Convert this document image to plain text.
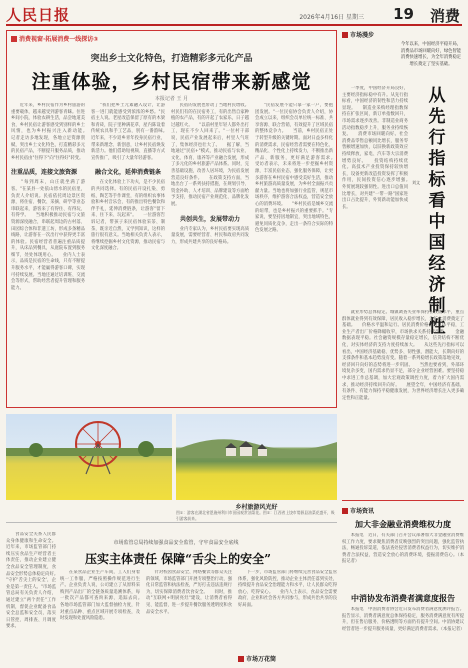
人民日报	2026年4月16日 星期三 19 消费
消费视窗·拓展消费一线探访③
突出乡土文化特色，打造精彩多元化产品
注重体验，乡村民宿带来新感觉
本报记者 王 月
　　近年来，乡村民宿作为乡村旅游的重要载体，越来越受到游客青睐。住进乡间小院，体验农耕生活，品尝地道美食，乡村民宿让游客感受到别样的乡土风情，也为乡村振兴注入新动能。　　记者走访多地发现，各地立足资源禀赋，突出乡土文化特色，打造精彩多元的民宿产品，不断提升服务品质，推动乡村民宿由"住得下"向"住得好"转变。
注重品质，连接文旅资源
　　"每到周末，山庄就坐满了游客。"在某县一处依山傍水的民宿里，负责人介绍说。民宿依托周边景区资源，将住宿、餐饮、采摘、研学等业态串联起来，游客来了有得住、有得玩、有得学。　　当地积极推动民宿与文旅资源深度融合，串联起周边的古村落、田园综合体和非遗工坊，形成多条精品线路，让游客在一次出行中获得更丰富的体验。民宿经营者普遍注重品质提升，从床品到餐具，从庭院布置到服务细节，处处体现用心。　　业内人士表示，品质是民宿的生命线，只有不断提升服务水平，才能赢得游客口碑，实现可持续发展。当地还通过培训班、交流会等形式，帮助经营者提升管理和服务能力。
　　"我们把乡土元素融入设计，让游客一进门就能感受到浓浓的乡愁。"民宿主人说。老屋改造保留了原有的木梁和青砖，院子里种满花草，屋内陈设着传统农具和手工艺品，别有一番韵味。　　近年来，不少返乡青年投身民宿行业，带来新理念、新创意，让乡村民宿焕发新活力。他们借助短视频、直播等方式宣传推广，吸引了大量年轻游客。
融合文化，延伸消费链条
　　在文化体验上下功夫，是不少民宿的共同选择。有的民宿开设扎染、剪纸、陶艺等手作课堂，有的组织农事体验和乡村音乐会，有的推出特色餐饮和伴手礼，延伸消费链条，让游客"留下来、住下来、玩起来"。　　一位游客告诉记者，带孩子来民宿体验采茶、制茶，既亲近自然，又学到知识，这样的旅行很有意义。当地相关负责人表示，将继续挖掘乡村文化资源，推动民宿与文化深度融合。
　　民宿的发展也带动了当地村民增收。村民们有的在民宿务工，有的出售自家种植的农产品，有的开起了农家乐，日子越过越红火。　　"以前村里年轻人都外出打工，现在不少人回来了。"一位村干部说，民宿产业发展起来后，村里人气旺了，集体经济也壮大了。　　据了解，当地通过"民宿+"模式，推动民宿与农业、文化、体育、康养等产业融合发展，形成了多元化的乡村旅游产品体系。同时，完善基础设施，改善人居环境，为民宿发展营造良好条件。　　在政策支持方面，当地出台了一系列扶持措施，在规划引导、资金补助、人才培训、品牌建设等方面给予支持，推动民宿产业规范化、品牌化发展。
共创共生，发展带动力
　　业内专家认为，乡村民宿要实现高质量发展，需要经营者、村民和政府共同发力，形成共建共享的良好格局。
　　"民宿发展不能只靠一家一户，要抱团发展。"一位民宿协会负责人介绍，协会成立以来，组织会员单位统一标准、共享客源、联合营销，有效提升了区域民宿的整体竞争力。　　当前，乡村民宿正处于转型升级的关键时期。面对日益多样化的消费需求，民宿经营者需要在特色化、精品化、个性化上持续发力，不断推出新产品、新服务，更好满足游客需求。　　受访者表示，未来将进一步挖掘乡村资源，丰富民宿业态，强化服务保障，让更多游客在乡村民宿中感受美好生活，推动乡村旅游高质量发展，为乡村全面振兴贡献力量。当地也将加强行业监管，规范市场秩序，维护游客合法权益，营造安全放心的消费环境。　　"乡村民宿是城乡交流的纽带，也是乡村振兴的重要抓手。"专家说，要坚持因地制宜，突出地域特色，避免同质化竞争，走出一条符合实际的特色发展之路。
市场漫步
今年以来，中国经济平稳开局，消费品市场回暖向好，绿色智能消费快速增长，为全年消费稳定增长奠定了坚实基础。
从先行指标看中国经济制性
刘文
　　一季度，中国经济开局良好，主要经济指标稳中有升。从先行指标看，中国经济的韧性和活力持续显现。　　制造业采购经理指数保持在扩张区间，新订单指数回升，市场需求逐步改善。非制造业商务活动指数稳步上升，服务业持续恢复。　　消费市场回暖向好。社会消费品零售总额同比增长，服务零售额增速加快，以旧换新政策效应持续释放，家电、汽车等大宗消费增势良好。　　投资结构持续优化。高技术产业投资保持较快增长，设备更新改造投资发挥了积极作用，民间投资信心逐步增强。　　外贸展现较强韧性。进出口总值同比增长，对共建"一带一路"国家进出口占比提升，外贸新动能加快成长。
　　就业形势总体稳定。城镇调查失业率保持在较低水平，重点群体就业得到有效保障，居民收入稳步增长，为扩大消费奠定了基础。　　价格水平温和运行。居民消费价格指数总体平稳，工业生产者出厂价格降幅收窄，市场供求关系持续改善。　　金融数据表现平稳。社会融资规模存量稳定增长，信贷结构不断优化，对实体经济的支持力度持续加大。　　从这些先行指标可以看出，中国经济基础稳、优势多、韧性强、潜能大，长期向好的支撑条件和基本趋势没有变。随着一系列稳增长政策落地见效，经济回升向好的态势将进一步巩固。　　当然也要看到，外部环境复杂多变，国内需求仍显不足，部分企业经营困难。要坚持稳中求进工作总基调，加大宏观政策调控力度，着力扩大国内需求，推动经济持续回升向好。　　展望全年，中国经济有基础、有条件、有能力保持平稳健康发展，为世界经济增长注入更多确定性和正能量。
市场资讯
加大非金融业消费维权力度
　　本报电　近日，有关部门召开会议部署加大非金融业消费维权工作力度，要求聚焦消费者反映强烈的突出问题，强化监管执法，畅通投诉渠道，依法查处侵害消费者权益行为，切实维护消费者合法权益，营造安全放心的消费环境，提振消费信心。（本报记者）
中消协发布消费者满意度报告
　　本报电　中国消费者协会近日发布消费者满意度测评报告。报告显示，消费者满意度总体保持稳定，服务消费满意度有所提升，但在售后服务、价格透明等方面仍有提升空间。中消协建议经营者进一步提升服务质量，更好满足消费者需求。（本报记者）
乡村旅游风光好
图①：游客在湖北省恩施州利川市田园观赏油菜花。图②：江西省上饶市婺源县油菜花盛开，吸引游客前来。
　　食品安全关系人民群众身体健康和生命安全。近年来，市场监管部门持续压实食品生产经营者主体责任，推动企业建立健全食品安全管理制度，食品安全形势总体稳定向好。　　"守护'舌尖上的安全'，企业是第一责任人。"市场监管总局有关负责人介绍，通过建立"两个责任"工作机制，督促企业配备食品安全总监和安全员，落实日管控、周排查、月调度要求。
市场监管总局持续加强食品安全监管，守牢食品安全底线
压实主体责任 保障“舌尖上的安全”
　　在某食品企业生产车间，工人们身着统一工作服，严格按照操作规范进行生产。企业负责人说，公司建立了从原料采购到产品出厂的全链条质量追溯体系，每一批次产品都可查询来源、追踪去向。　　各地市场监管部门加大监督抽检力度，针对重点品种、重点区域开展专项检查，及时发现和处置风险隐患。
　　针对校园食品安全、网络餐饮等群众关注的领域，市场监管部门开展专项整治行动，强化日常监管和执法检查，严厉打击违法违规行为，切实保障消费者饮食安全。　　同时，推动"互联网+明厨亮灶"建设，让消费者看得见、能监督，进一步提升餐饮服务透明度和食品安全水平。
　　下一步，市场监管部门将继续完善食品安全监管体系，强化风险防控，推动企业主体责任落到实处，持续提升食品安全治理能力和水平，让人民群众吃得放心、吃得安心。　　业内人士表示，食品安全需要政府、企业和社会各方共同参与，形成共治共享的良好局面。
市场万花筒
